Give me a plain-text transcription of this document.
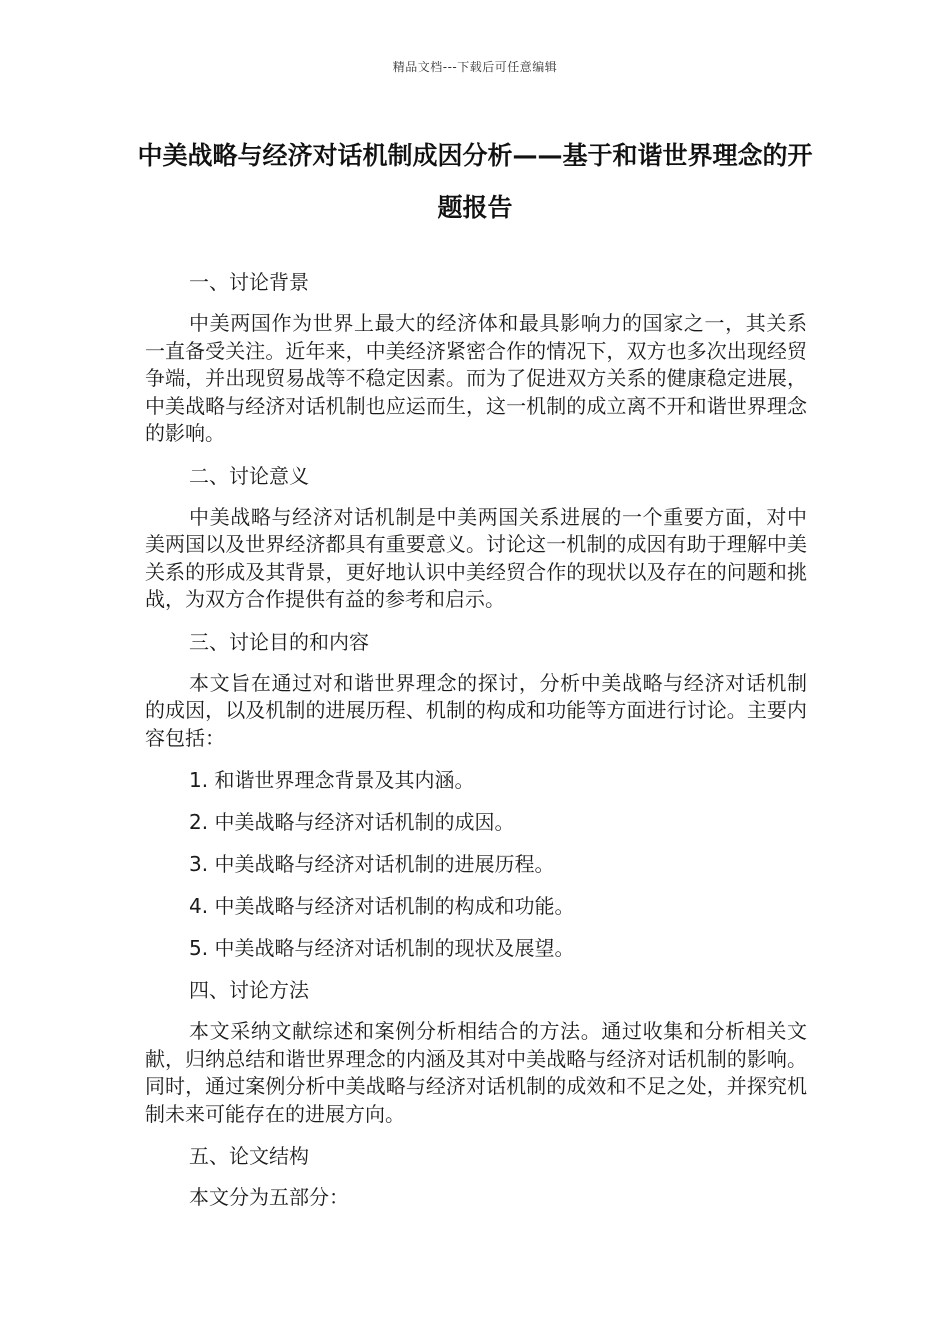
精品文档---下载后可任意编辑
中美战略与经济对话机制成因分析——基于和谐世界理念的开题报告
一、讨论背景

中美两国作为世界上最大的经济体和最具影响力的国家之一，其关系一直备受关注。近年来，中美经济紧密合作的情况下，双方也多次出现经贸争端，并出现贸易战等不稳定因素。而为了促进双方关系的健康稳定进展，中美战略与经济对话机制也应运而生，这一机制的成立离不开和谐世界理念的影响。

二、讨论意义

中美战略与经济对话机制是中美两国关系进展的一个重要方面，对中美两国以及世界经济都具有重要意义。讨论这一机制的成因有助于理解中美关系的形成及其背景，更好地认识中美经贸合作的现状以及存在的问题和挑战，为双方合作提供有益的参考和启示。

三、讨论目的和内容

本文旨在通过对和谐世界理念的探讨，分析中美战略与经济对话机制的成因，以及机制的进展历程、机制的构成和功能等方面进行讨论。主要内容包括：

1. 和谐世界理念背景及其内涵。
2. 中美战略与经济对话机制的成因。
3. 中美战略与经济对话机制的进展历程。
4. 中美战略与经济对话机制的构成和功能。
5. 中美战略与经济对话机制的现状及展望。
四、讨论方法

本文采纳文献综述和案例分析相结合的方法。通过收集和分析相关文献，归纳总结和谐世界理念的内涵及其对中美战略与经济对话机制的影响。同时，通过案例分析中美战略与经济对话机制的成效和不足之处，并探究机制未来可能存在的进展方向。

五、论文结构

本文分为五部分：
